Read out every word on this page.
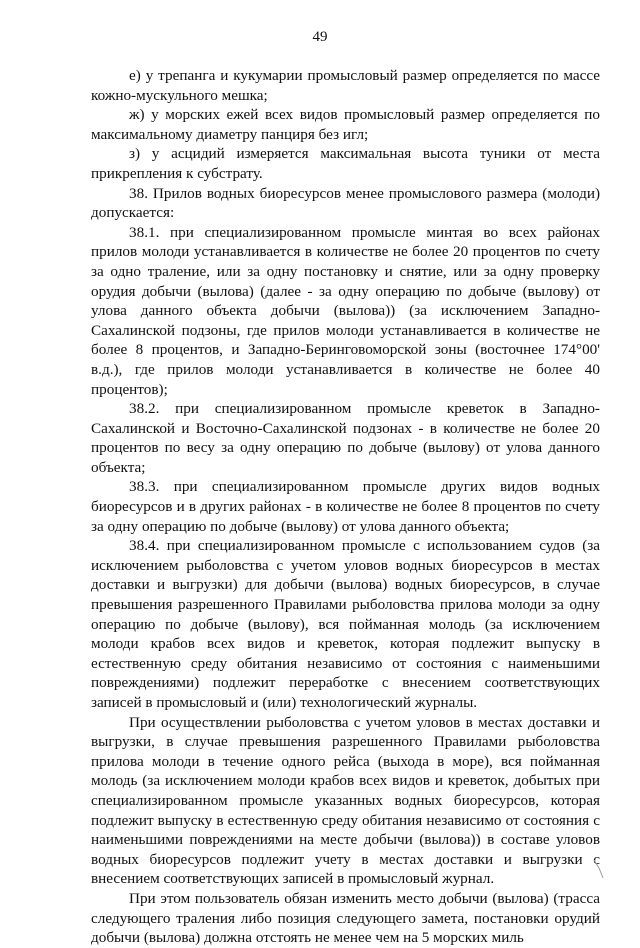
49

е) у трепанга и кукумарии промысловый размер определяется по массе кожно-мускульного мешка;

ж) у морских ежей всех видов промысловый размер определяется по максимальному диаметру панциря без игл;

з) у асцидий измеряется максимальная высота туники от места прикрепления к субстрату.

38. Прилов водных биоресурсов менее промыслового размера (молоди) допускается:

38.1. при специализированном промысле минтая во всех районах прилов молоди устанавливается в количестве не более 20 процентов по счету за одно траление, или за одну постановку и снятие, или за одну проверку орудия добычи (вылова) (далее - за одну операцию по добыче (вылову) от улова данного объекта добычи (вылова)) (за исключением Западно-Сахалинской подзоны, где прилов молоди устанавливается в количестве не более 8 процентов, и Западно-Беринговоморской зоны (восточнее 174°00' в.д.), где прилов молоди устанавливается в количестве не более 40 процентов);

38.2. при специализированном промысле креветок в Западно-Сахалинской и Восточно-Сахалинской подзонах - в количестве не более 20 процентов по весу за одну операцию по добыче (вылову) от улова данного объекта;

38.3. при специализированном промысле других видов водных биоресурсов и в других районах - в количестве не более 8 процентов по счету за одну операцию по добыче (вылову) от улова данного объекта;

38.4. при специализированном промысле с использованием судов (за исключением рыболовства с учетом уловов водных биоресурсов в местах доставки и выгрузки) для добычи (вылова) водных биоресурсов, в случае превышения разрешенного Правилами рыболовства прилова молоди за одну операцию по добыче (вылову), вся пойманная молодь (за исключением молоди крабов всех видов и креветок, которая подлежит выпуску в естественную среду обитания независимо от состояния с наименьшими повреждениями) подлежит переработке с внесением соответствующих записей в промысловый и (или) технологический журналы.

При осуществлении рыболовства с учетом уловов в местах доставки и выгрузки, в случае превышения разрешенного Правилами рыболовства прилова молоди в течение одного рейса (выхода в море), вся пойманная молодь (за исключением молоди крабов всех видов и креветок, добытых при специализированном промысле указанных водных биоресурсов, которая подлежит выпуску в естественную среду обитания независимо от состояния с наименьшими повреждениями на месте добычи (вылова)) в составе уловов водных биоресурсов подлежит учету в местах доставки и выгрузки с внесением соответствующих записей в промысловый журнал.

При этом пользователь обязан изменить место добычи (вылова) (трасса следующего траления либо позиция следующего замета, постановки орудий добычи (вылова) должна отстоять не менее чем на 5 морских миль
